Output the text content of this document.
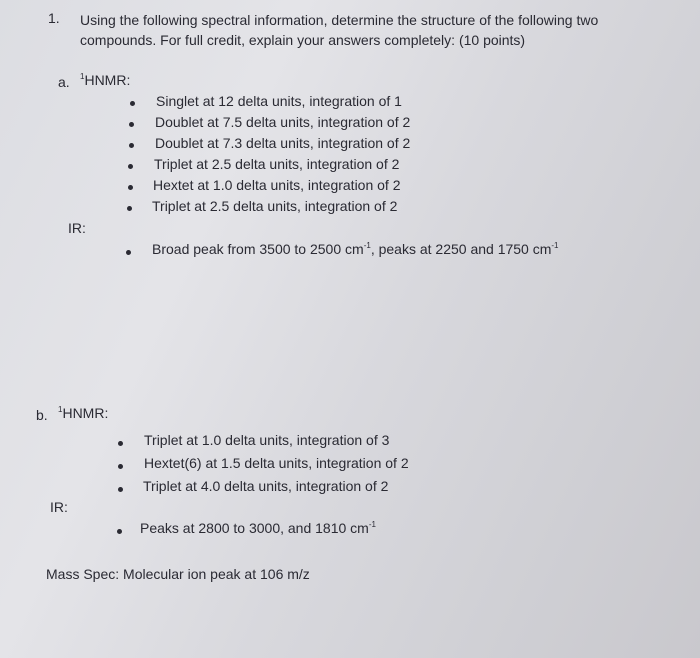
1. Using the following spectral information, determine the structure of the following two
compounds. For full credit, explain your answers completely: (10 points)
a. $^1$HNMR:
Singlet at 12 delta units, integration of 1
Doublet at 7.5 delta units, integration of 2
Doublet at 7.3 delta units, integration of 2
Triplet at 2.5 delta units, integration of 2
Hextet at 1.0 delta units, integration of 2
Triplet at 2.5 delta units, integration of 2
IR:
Broad peak from 3500 to 2500 $cm^{-1}$, peaks at 2250 and 1750 $cm^{-1}$
b. $^1$HNMR:
Triplet at 1.0 delta units, integration of 3
Hextet(6) at 1.5 delta units, integration of 2
Triplet at 4.0 delta units, integration of 2
IR:
Peaks at 2800 to 3000, and 1810 $cm^{-1}$
Mass Spec: Molecular ion peak at 106 m/z
